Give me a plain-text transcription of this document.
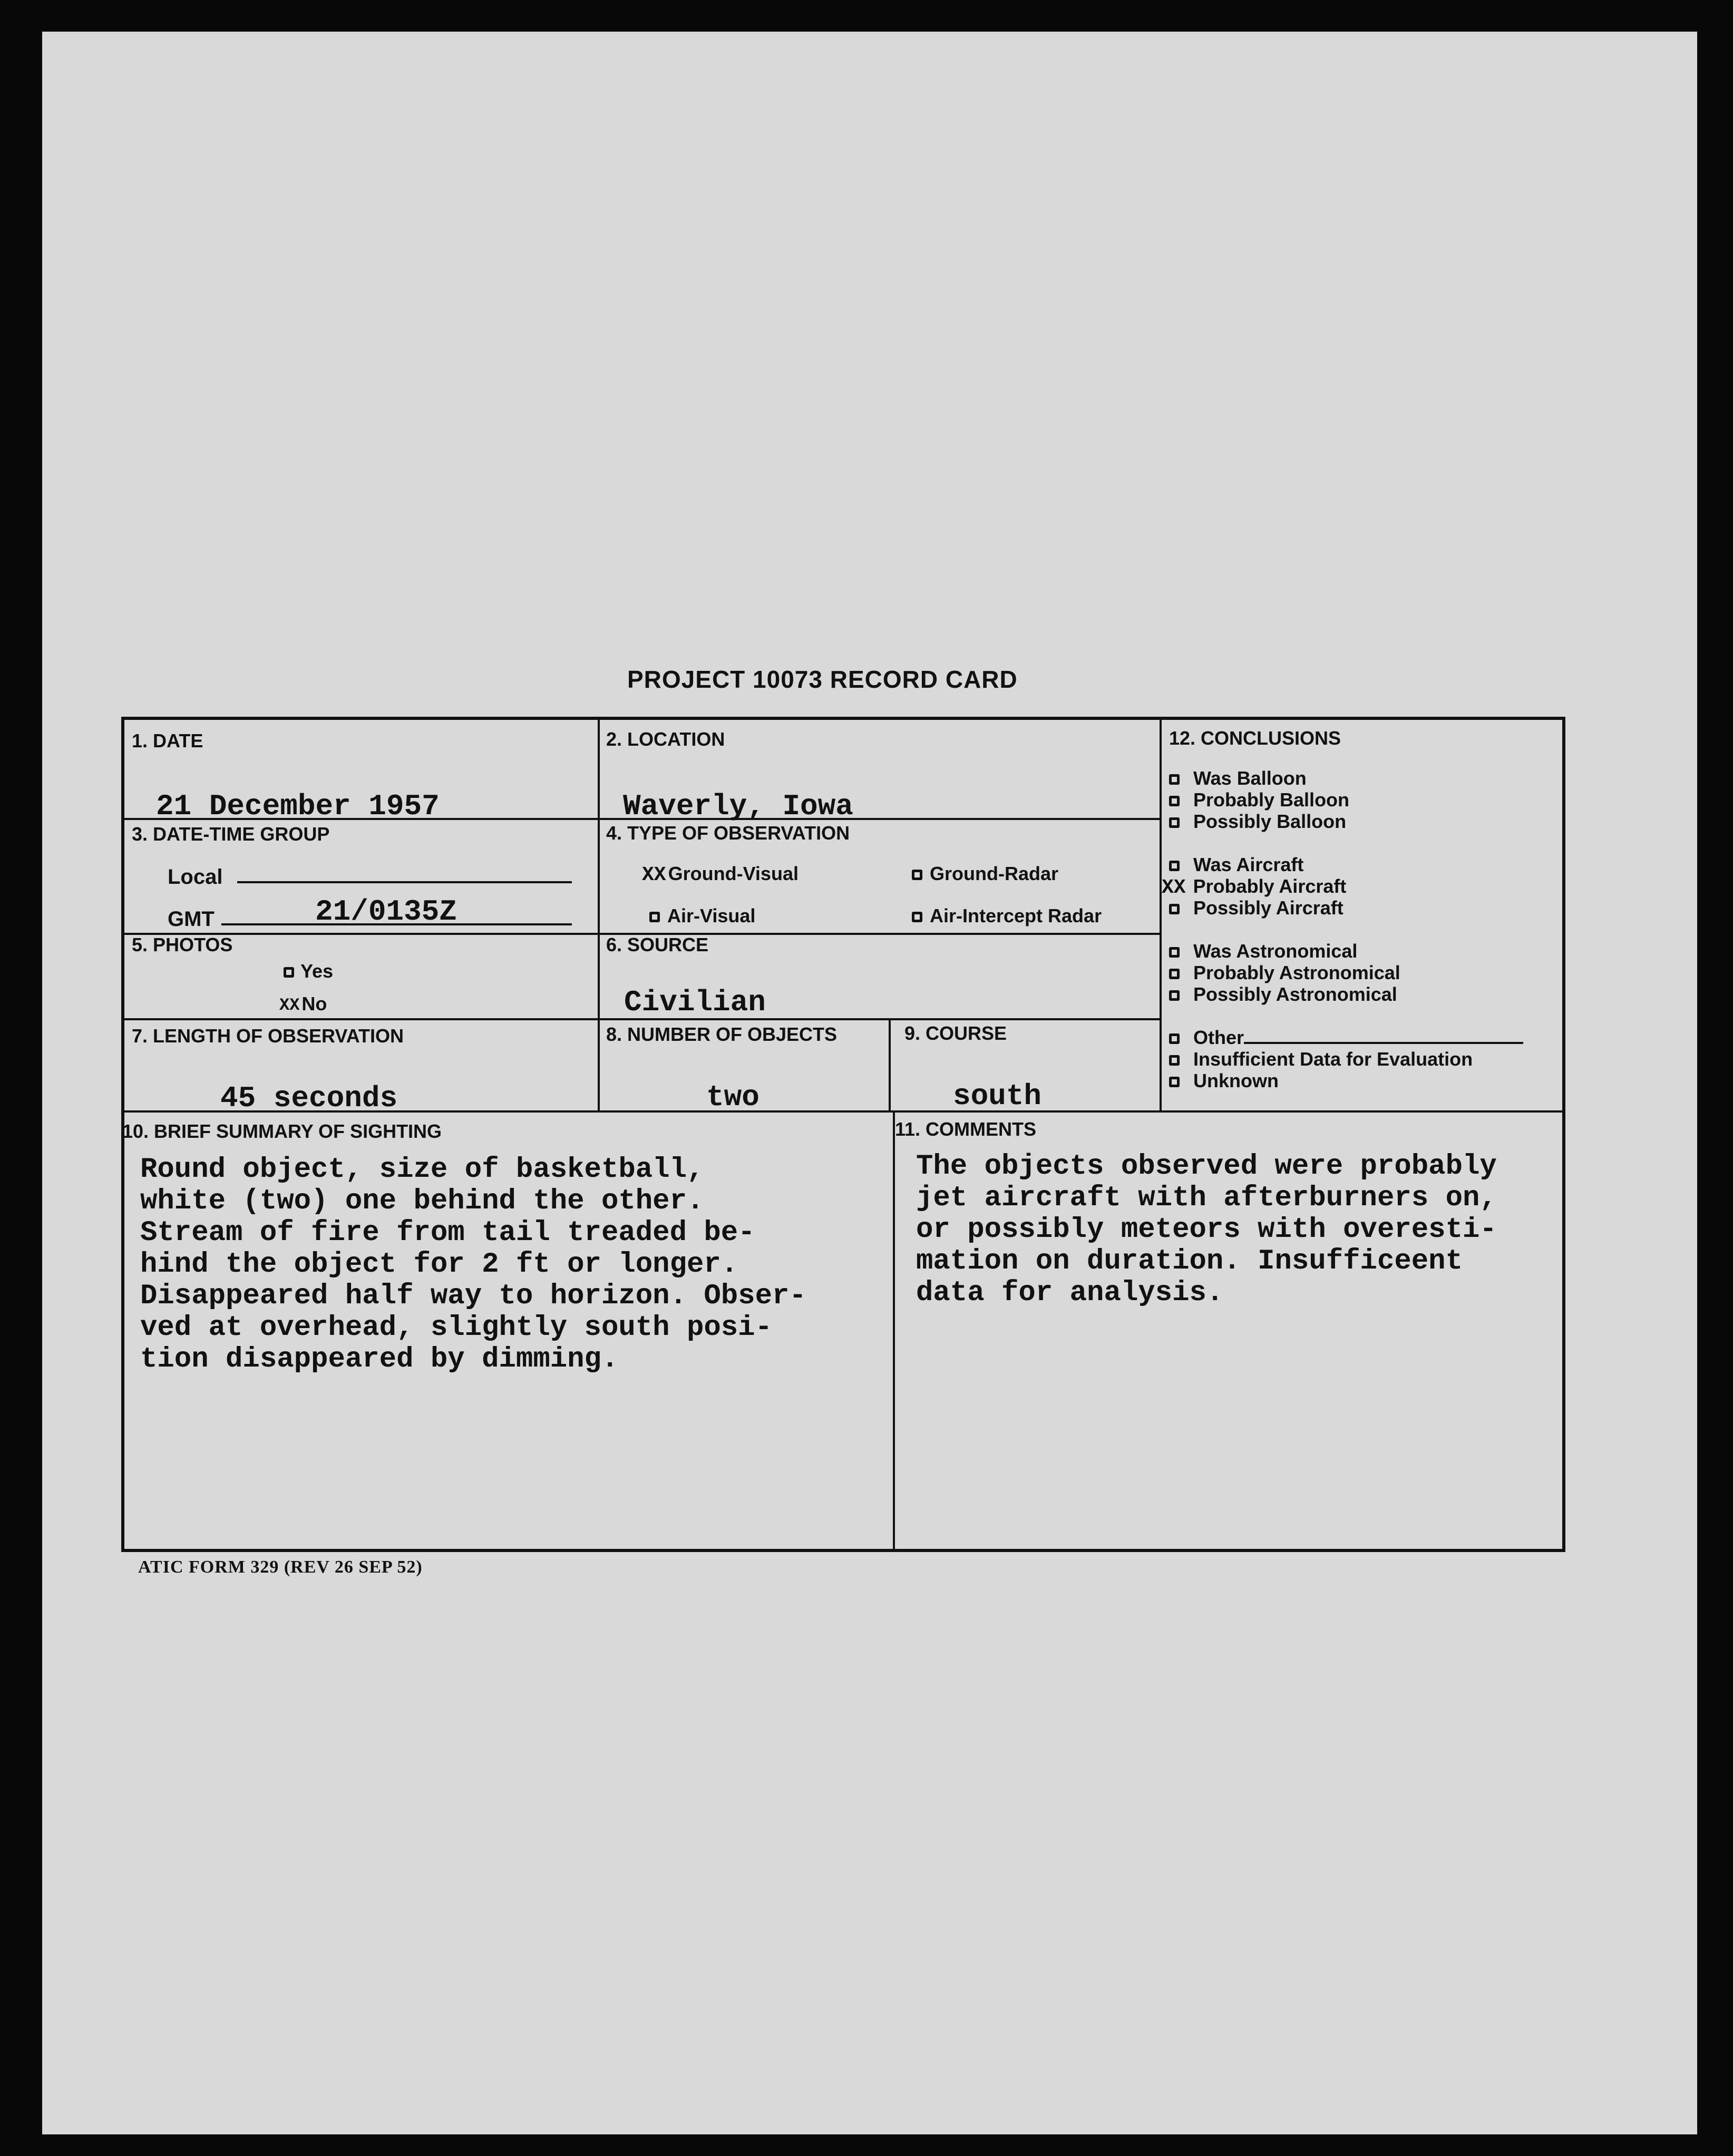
PROJECT 10073 RECORD CARD
1. DATE
21 December 1957
2. LOCATION
Waverly, Iowa
3. DATE-TIME GROUP
Local
GMT	21/0135Z
4. TYPE OF OBSERVATION
XX Ground-Visual	Ground-Radar
Air-Visual	Air-Intercept Radar
5. PHOTOS
Yes
XX No
6. SOURCE
Civilian
7. LENGTH OF OBSERVATION
45 seconds
8. NUMBER OF OBJECTS
two
9. COURSE
south
12. CONCLUSIONS
Was Balloon
Probably Balloon
Possibly Balloon
Was Aircraft
XX Probably Aircraft
Possibly Aircraft
Was Astronomical
Probably Astronomical
Possibly Astronomical
Other
Insufficient Data for Evaluation
Unknown
10. BRIEF SUMMARY OF SIGHTING
Round object, size of basketball,
white (two) one behind the other.
Stream of fire from tail treaded be-
hind the object for 2 ft or longer.
Disappeared half way to horizon. Obser-
ved at overhead, slightly south posi-
tion disappeared by dimming.
11. COMMENTS
The objects observed were probably
jet aircraft with afterburners on,
or possibly meteors with overesti-
mation on duration. Insufficeent
data for analysis.
ATIC FORM 329 (REV 26 SEP 52)
